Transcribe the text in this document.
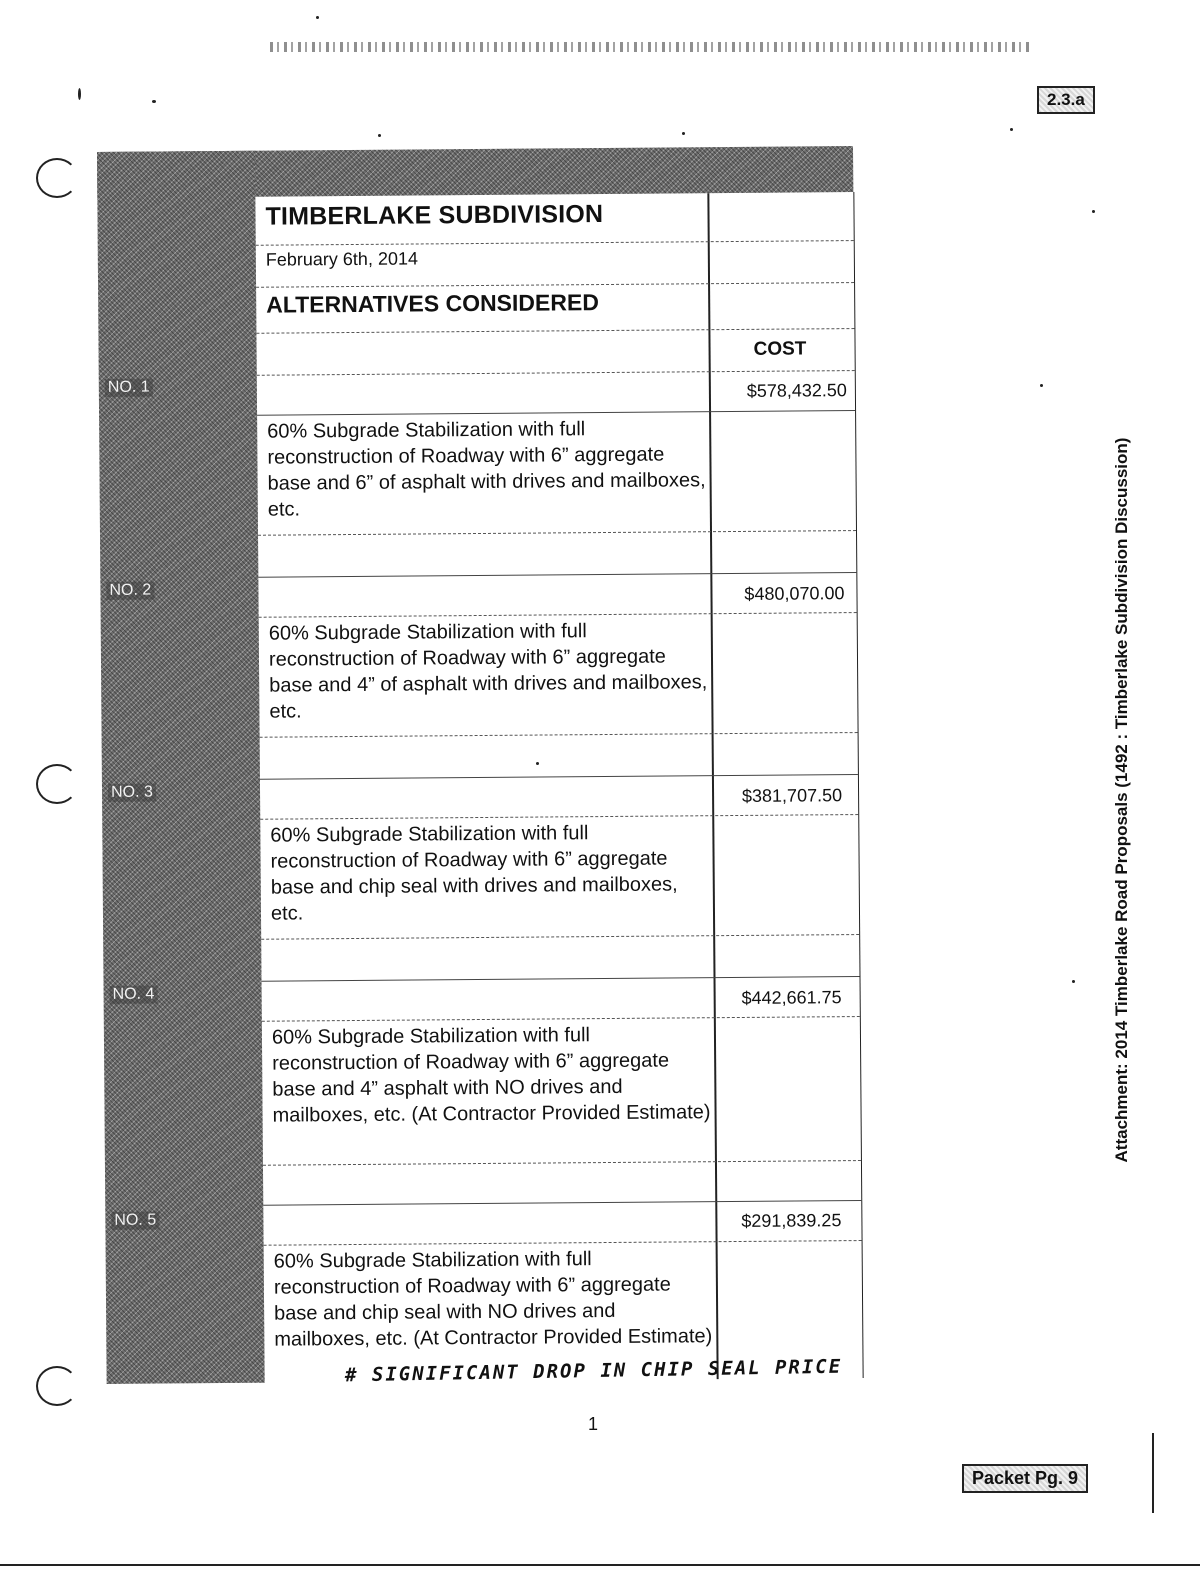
2.3.a
Attachment: 2014 Timberlake Road Proposals (1492 : Timberlake Subdivision Discussion)
NO. 1
NO. 2
NO. 3
NO. 4
NO. 5
TIMBERLAKE SUBDIVISION
February 6th, 2014
ALTERNATIVES CONSIDERED
COST
$578,432.50
60% Subgrade Stabilization with full reconstruction of Roadway with 6” aggregate base and 6” of asphalt with drives and mailboxes, etc.
$480,070.00
60% Subgrade Stabilization with full reconstruction of Roadway with 6” aggregate base and 4” of asphalt with drives and mailboxes, etc.
$381,707.50
60% Subgrade Stabilization with full reconstruction of Roadway with 6” aggregate base and chip seal with drives and mailboxes, etc.
$442,661.75
60% Subgrade Stabilization with full reconstruction of Roadway with 6” aggregate base and 4” asphalt with NO drives and mailboxes, etc. (At Contractor Provided Estimate)
$291,839.25
60% Subgrade Stabilization with full reconstruction of Roadway with 6” aggregate base and chip seal with NO drives and mailboxes, etc. (At Contractor Provided Estimate)
# SIGNIFICANT DROP IN CHIP SEAL PRICE
1
Packet Pg. 9
